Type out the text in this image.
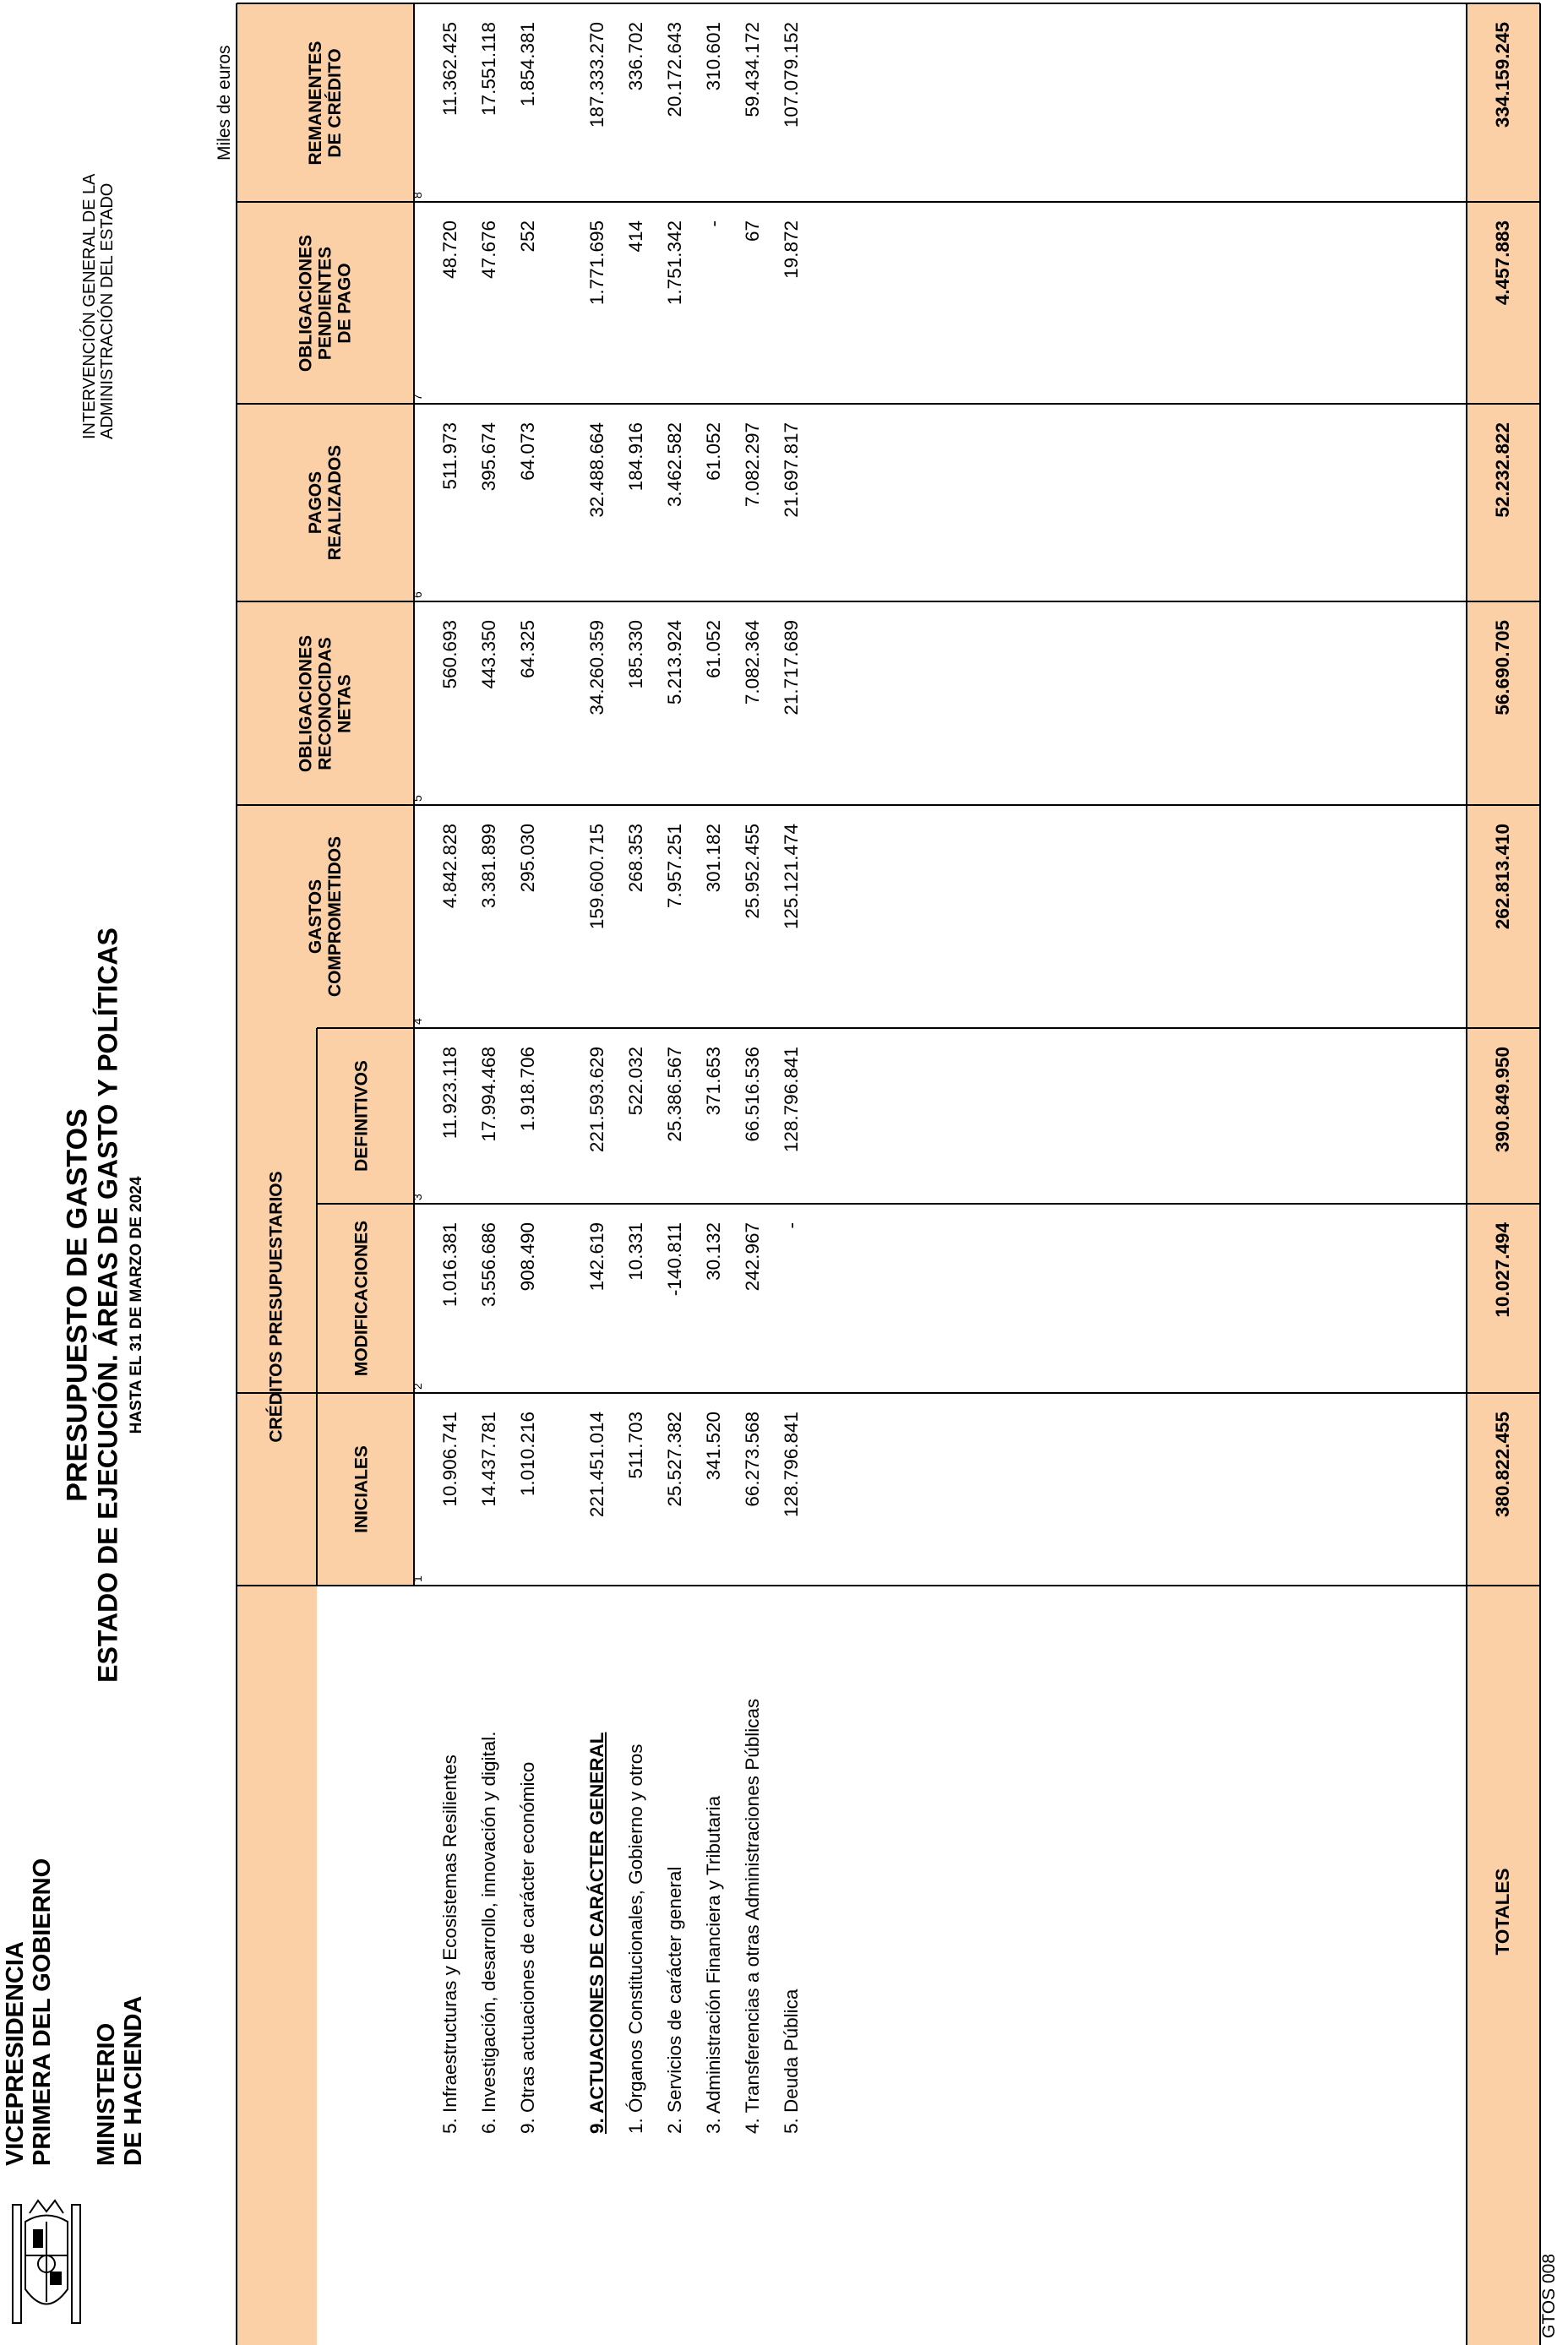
VICEPRESIDENCIA PRIMERA DEL GOBIERNO MINISTERIO DE HACIENDA
PRESUPUESTO DE GASTOS ESTADO DE EJECUCIÓN. ÁREAS DE GASTO Y POLÍTICAS HASTA EL 31 DE MARZO DE 2024
INTERVENCIÓN GENERAL DE LA ADMINISTRACIÓN DEL ESTADO
Miles de euros
GTOS 008
CRÉDITOS PRESUPUESTARIOS
INICIALES
1
MODIFICACIONES
2
DEFINITIVOS
3
GASTOS COMPROMETIDOS
4
OBLIGACIONES RECONOCIDAS NETAS
5
PAGOS REALIZADOS
6
OBLIGACIONES PENDIENTES DE PAGO
7
REMANENTES DE CRÉDITO
8
5. Infraestructuras y Ecosistemas Resilientes
10.906.741
1.016.381
11.923.118
4.842.828
560.693
511.973
48.720
11.362.425
6. Investigación, desarrollo, innovación y digital.
14.437.781
3.556.686
17.994.468
3.381.899
443.350
395.674
47.676
17.551.118
9. Otras actuaciones de carácter económico
1.010.216
908.490
1.918.706
295.030
64.325
64.073
252
1.854.381
9. ACTUACIONES DE CARÁCTER GENERAL
221.451.014
142.619
221.593.629
159.600.715
34.260.359
32.488.664
1.771.695
187.333.270
1. Órganos Constitucionales, Gobierno y otros
511.703
10.331
522.032
268.353
185.330
184.916
414
336.702
2. Servicios de carácter general
25.527.382
-140.811
25.386.567
7.957.251
5.213.924
3.462.582
1.751.342
20.172.643
3. Administración Financiera y Tributaria
341.520
30.132
371.653
301.182
61.052
61.052
-
310.601
4. Transferencias a otras Administraciones Públicas
66.273.568
242.967
66.516.536
25.952.455
7.082.364
7.082.297
67
59.434.172
5. Deuda Pública
128.796.841
-
128.796.841
125.121.474
21.717.689
21.697.817
19.872
107.079.152
TOTALES
380.822.455
10.027.494
390.849.950
262.813.410
56.690.705
52.232.822
4.457.883
334.159.245
